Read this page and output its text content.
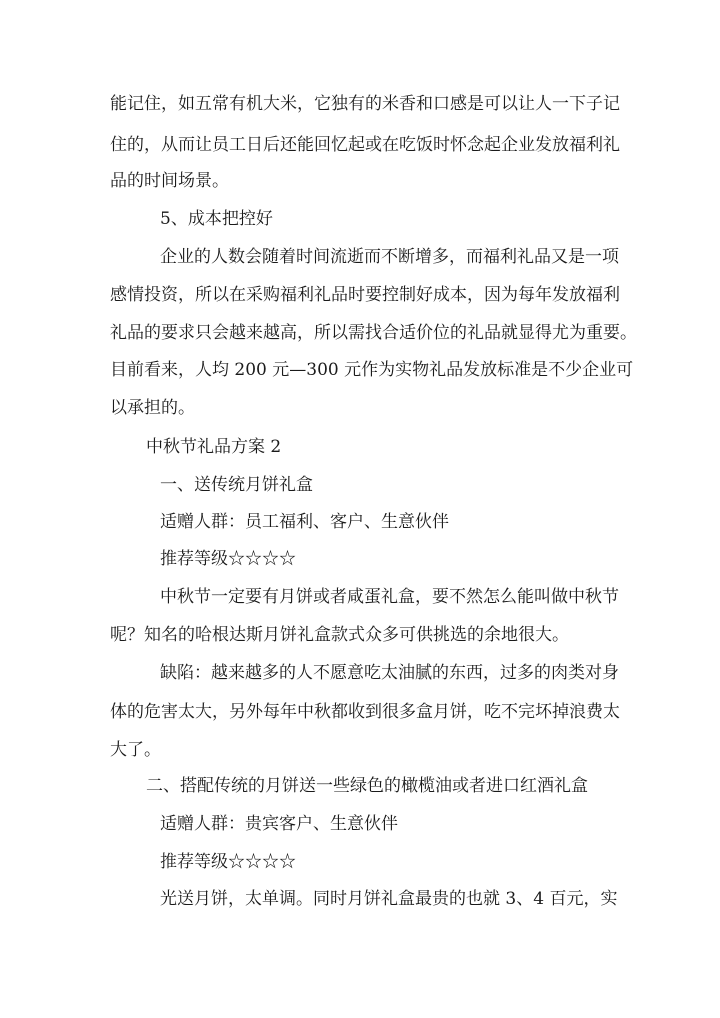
能记住，如五常有机大米，它独有的米香和口感是可以让人一下子记
住的，从而让员工日后还能回忆起或在吃饭时怀念起企业发放福利礼
品的时间场景。
5、成本把控好
企业的人数会随着时间流逝而不断增多，而福利礼品又是一项
感情投资，所以在采购福利礼品时要控制好成本，因为每年发放福利
礼品的要求只会越来越高，所以需找合适价位的礼品就显得尤为重要。
目前看来，人均 200 元—300 元作为实物礼品发放标准是不少企业可
以承担的。
中秋节礼品方案 2
一、送传统月饼礼盒
适赠人群：员工福利、客户、生意伙伴
推荐等级☆☆☆☆
中秋节一定要有月饼或者咸蛋礼盒，要不然怎么能叫做中秋节
呢？知名的哈根达斯月饼礼盒款式众多可供挑选的余地很大。
缺陷：越来越多的人不愿意吃太油腻的东西，过多的肉类对身
体的危害太大，另外每年中秋都收到很多盒月饼，吃不完坏掉浪费太
大了。
二、搭配传统的月饼送一些绿色的橄榄油或者进口红酒礼盒
适赠人群：贵宾客户、生意伙伴
推荐等级☆☆☆☆
光送月饼，太单调。同时月饼礼盒最贵的也就 3、4 百元，实
